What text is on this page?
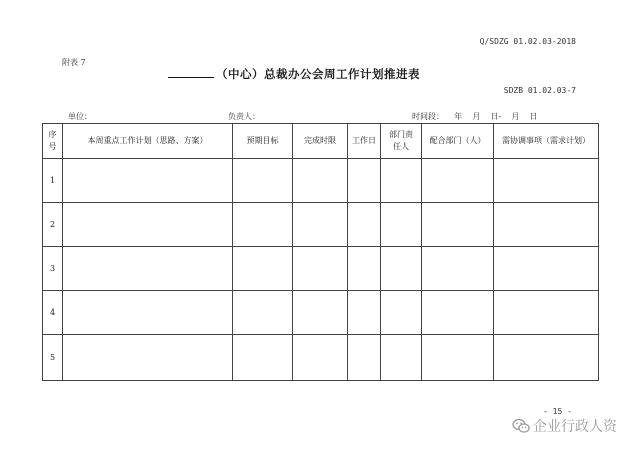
Q/SDZG 01.02.03-2018
附表 7
（中心）总裁办公会周工作计划推进表
SDZB 01.02.03-7
单位：	负责人：	时间段：    年    月    日-    月    日
序号	本周重点工作计划（思路、方案）	预期目标	完成时限	工作日	部门责任人	配合部门（人）	需协调事项（需求计划）
1							
2							
3							
4							
5							
- 15 -
企业行政人资
